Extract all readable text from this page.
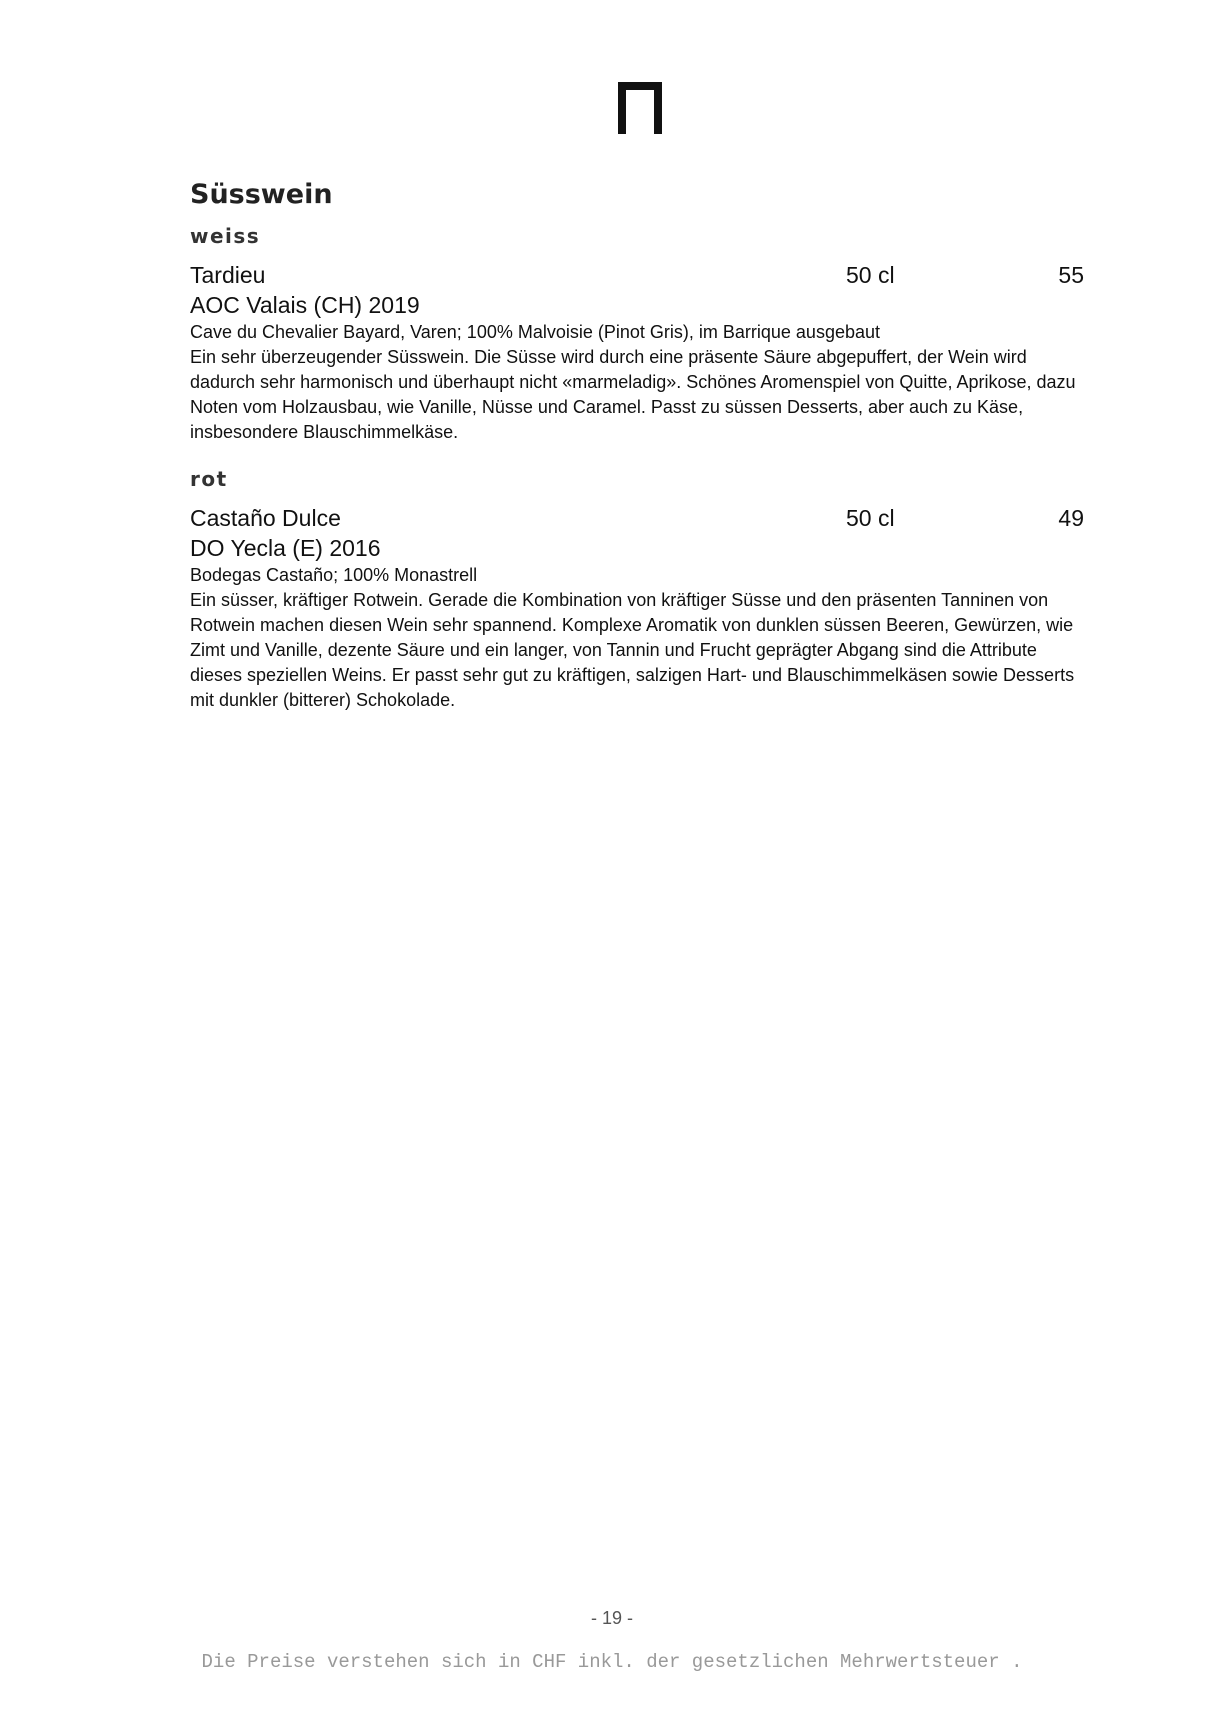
Süsswein
weiss
Tardieu	50 cl	55
AOC Valais (CH) 2019
Cave du Chevalier Bayard, Varen; 100% Malvoisie (Pinot Gris), im Barrique ausgebaut
Ein sehr überzeugender Süsswein. Die Süsse wird durch eine präsente Säure abgepuffert, der Wein wird dadurch sehr harmonisch und überhaupt nicht «marmeladig». Schönes Aromenspiel von Quitte, Aprikose, dazu Noten vom Holzausbau, wie Vanille, Nüsse und Caramel. Passt zu süssen Desserts, aber auch zu Käse, insbesondere Blauschimmelkäse.
rot
Castaño Dulce	50 cl	49
DO Yecla (E) 2016
Bodegas Castaño; 100% Monastrell
Ein süsser, kräftiger Rotwein. Gerade die Kombination von kräftiger Süsse und den präsenten Tanninen von Rotwein machen diesen Wein sehr spannend. Komplexe Aromatik von dunklen süssen Beeren, Gewürzen, wie Zimt und Vanille, dezente Säure und ein langer, von Tannin und Frucht geprägter Abgang sind die Attribute dieses speziellen Weins. Er passt sehr gut zu kräftigen, salzigen Hart- und Blauschimmelkäsen sowie Desserts mit dunkler (bitterer) Schokolade.
- 19 -
Die Preise verstehen sich in CHF inkl. der gesetzlichen Mehrwertsteuer .
